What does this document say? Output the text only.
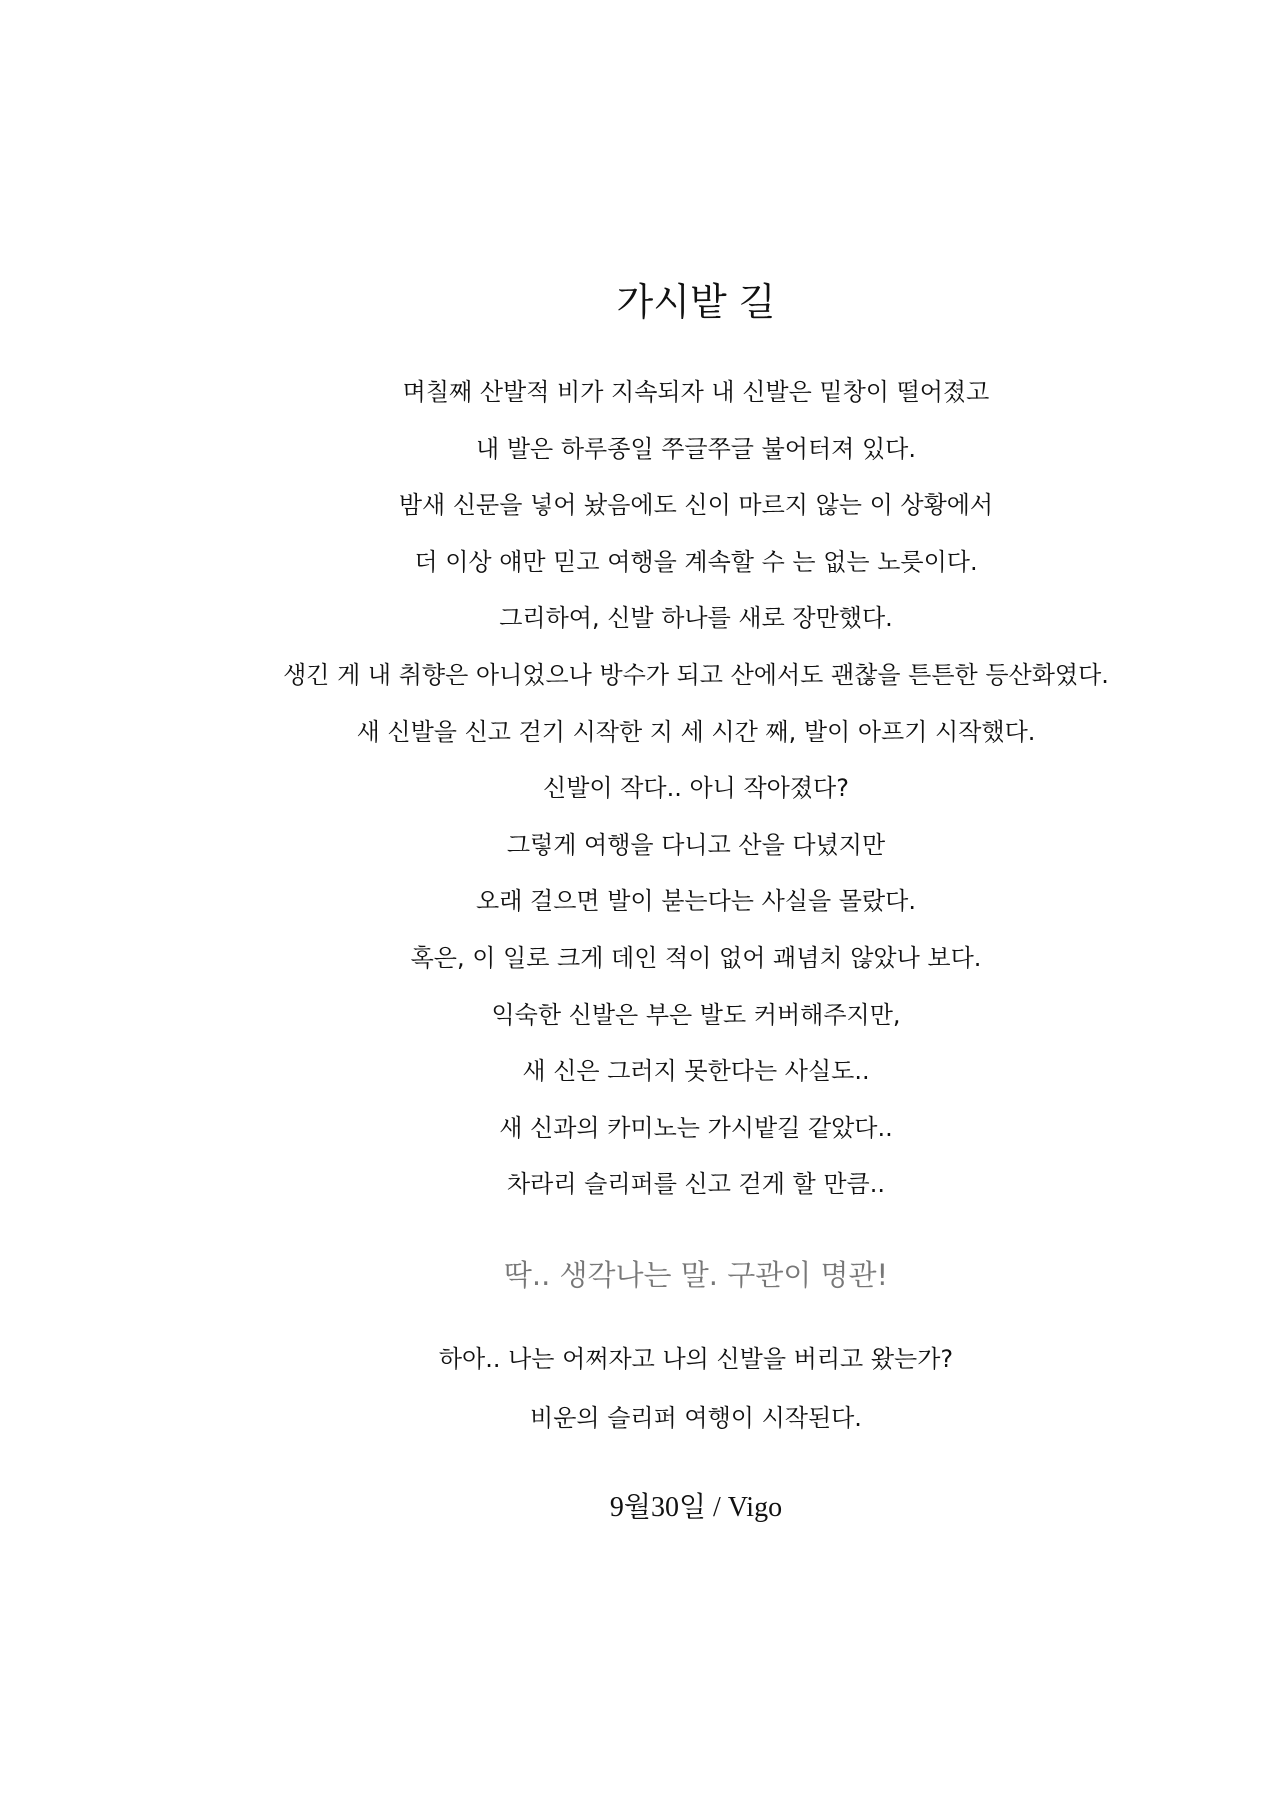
가시밭 길
며칠째 산발적 비가 지속되자 내 신발은 밑창이 떨어졌고
내 발은 하루종일 쭈글쭈글 불어터져 있다.
밤새 신문을 넣어 놨음에도 신이 마르지 않는 이 상황에서
더 이상 얘만 믿고 여행을 계속할 수 는 없는 노릇이다.
그리하여, 신발 하나를 새로 장만했다.
생긴 게 내 취향은 아니었으나 방수가 되고 산에서도 괜찮을 튼튼한 등산화였다.
새 신발을 신고 걷기 시작한 지 세 시간 째, 발이 아프기 시작했다.
신발이 작다.. 아니 작아졌다?
그렇게 여행을 다니고 산을 다녔지만
오래 걸으면 발이 붇는다는 사실을 몰랐다.
혹은, 이 일로 크게 데인 적이 없어 괘념치 않았나 보다.
익숙한 신발은 부은 발도 커버해주지만,
새 신은 그러지 못한다는 사실도..
새 신과의 카미노는 가시밭길 같았다..
차라리 슬리퍼를 신고 걷게 할 만큼..
딱.. 생각나는 말. 구관이 명관!
하아.. 나는 어쩌자고 나의 신발을 버리고 왔는가?
비운의 슬리퍼 여행이 시작된다.
9월30일 / Vigo
